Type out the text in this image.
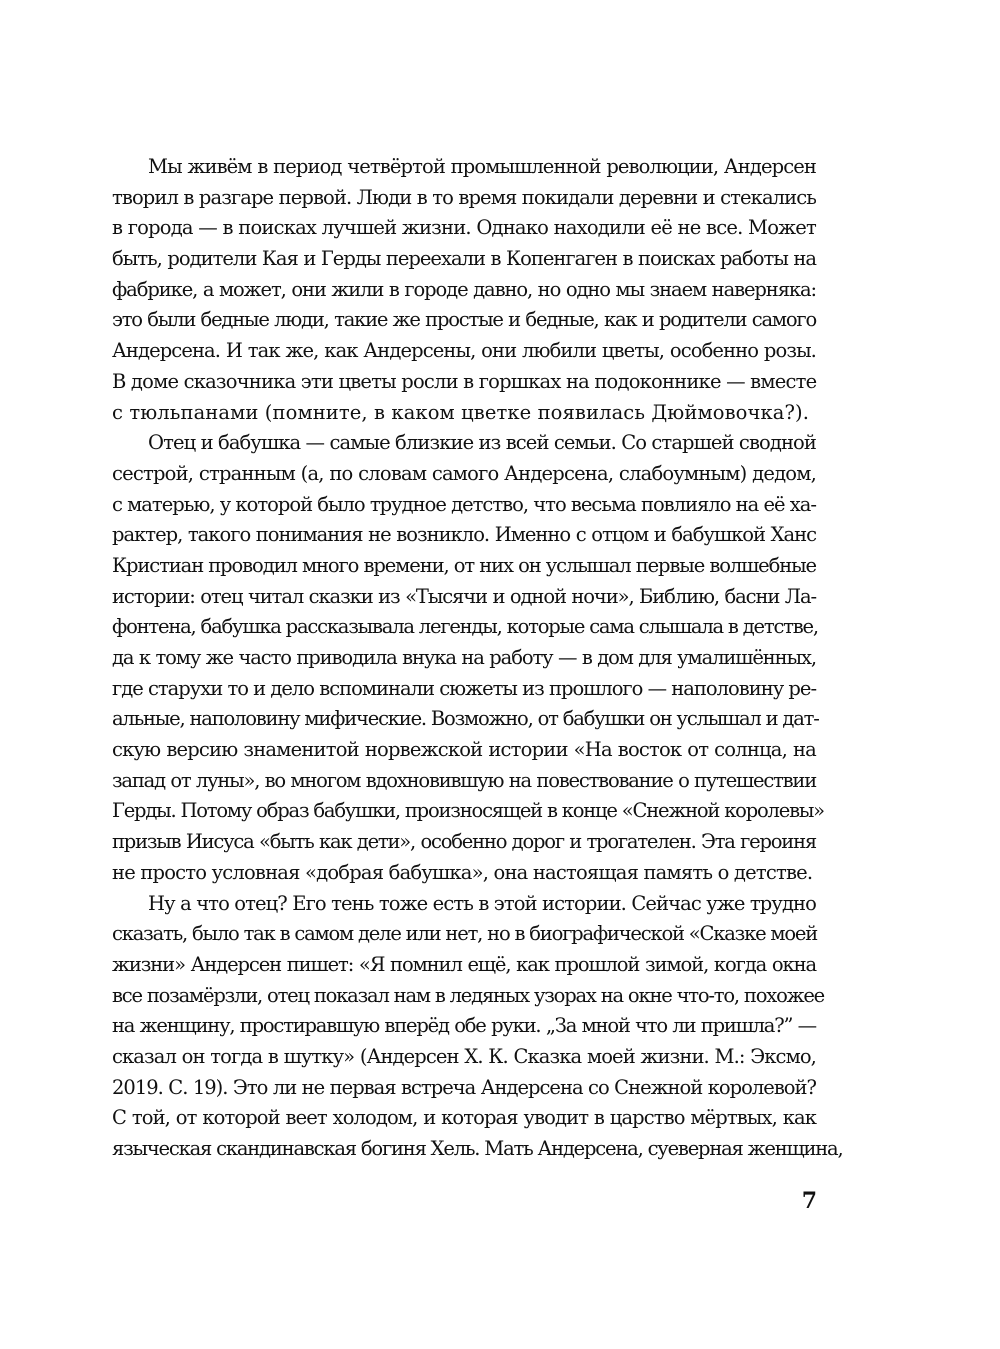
Мы живём в период четвёртой промышленной революции, Андерсен
творил в разгаре первой. Люди в то время покидали деревни и стекались
в города — в поисках лучшей жизни. Однако находили её не все. Может
быть, родители Кая и Герды переехали в Копенгаген в поисках работы на
фабрике, а может, они жили в городе давно, но одно мы знаем наверняка:
это были бедные люди, такие же простые и бедные, как и родители самого
Андерсена. И так же, как Андерсены, они любили цветы, особенно розы.
В доме сказочника эти цветы росли в горшках на подоконнике — вместе
с тюльпанами (помните, в каком цветке появилась Дюймовочка?).
Отец и бабушка — самые близкие из всей семьи. Со старшей сводной
сестрой, странным (а, по словам самого Андерсена, слабоумным) дедом,
с матерью, у которой было трудное детство, что весьма повлияло на её ха-
рактер, такого понимания не возникло. Именно с отцом и бабушкой Ханс
Кристиан проводил много времени, от них он услышал первые волшебные
истории: отец читал сказки из «Тысячи и одной ночи», Библию, басни Ла-
фонтена, бабушка рассказывала легенды, которые сама слышала в детстве,
да к тому же часто приводила внука на работу — в дом для умалишённых,
где старухи то и дело вспоминали сюжеты из прошлого — наполовину ре-
альные, наполовину мифические. Возможно, от бабушки он услышал и дат-
скую версию знаменитой норвежской истории «На восток от солнца, на
запад от луны», во многом вдохновившую на повествование о путешествии
Герды. Потому образ бабушки, произносящей в конце «Снежной королевы»
призыв Иисуса «быть как дети», особенно дорог и трогателен. Эта героиня
не просто условная «добрая бабушка», она настоящая память о детстве.
Ну а что отец? Его тень тоже есть в этой истории. Сейчас уже трудно
сказать, было так в самом деле или нет, но в биографической «Сказке моей
жизни» Андерсен пишет: «Я помнил ещё, как прошлой зимой, когда окна
все позамёрзли, отец показал нам в ледяных узорах на окне что-то, похожее
на женщину, простиравшую вперёд обе руки. „За мной что ли пришла?” —
сказал он тогда в шутку» (Андерсен Х. К. Сказка моей жизни. М.: Эксмо,
2019. С. 19). Это ли не первая встреча Андерсена со Снежной королевой?
С той, от которой веет холодом, и которая уводит в царство мёртвых, как
языческая скандинавская богиня Хель. Мать Андерсена, суеверная женщина,
7
